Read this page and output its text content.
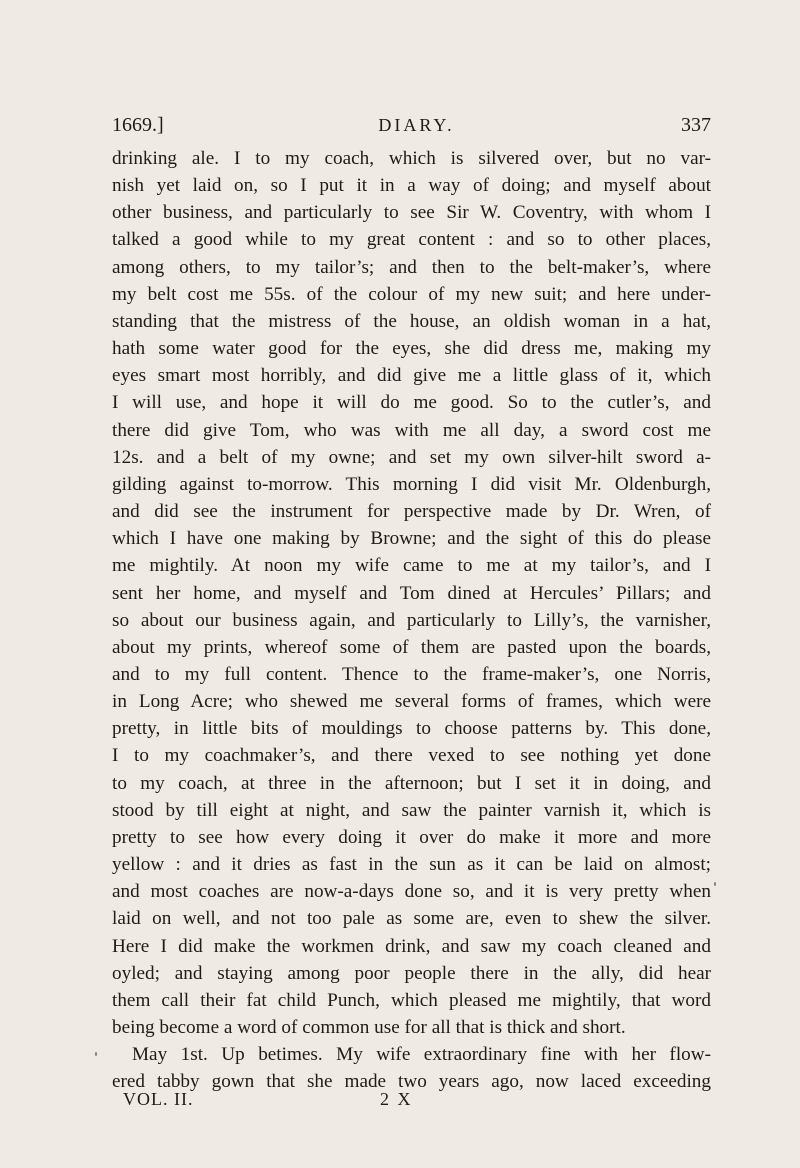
1669.]	DIARY.	337

drinking ale. I to my coach, which is silvered over, but no var-

nish yet laid on, so I put it in a way of doing; and myself about

other business, and particularly to see Sir W. Coventry, with whom I

talked a good while to my great content : and so to other places,

among others, to my tailor’s; and then to the belt-maker’s, where

my belt cost me 55s. of the colour of my new suit; and here under-

standing that the mistress of the house, an oldish woman in a hat,

hath some water good for the eyes, she did dress me, making my

eyes smart most horribly, and did give me a little glass of it, which

I will use, and hope it will do me good. So to the cutler’s, and

there did give Tom, who was with me all day, a sword cost me

12s. and a belt of my owne; and set my own silver-hilt sword a-

gilding against to-morrow. This morning I did visit Mr. Oldenburgh,

and did see the instrument for perspective made by Dr. Wren, of

which I have one making by Browne; and the sight of this do please

me mightily. At noon my wife came to me at my tailor’s, and I

sent her home, and myself and Tom dined at Hercules’ Pillars; and

so about our business again, and particularly to Lilly’s, the varnisher,

about my prints, whereof some of them are pasted upon the boards,

and to my full content. Thence to the frame-maker’s, one Norris,

in Long Acre; who shewed me several forms of frames, which were

pretty, in little bits of mouldings to choose patterns by. This done,

I to my coachmaker’s, and there vexed to see nothing yet done

to my coach, at three in the afternoon; but I set it in doing, and

stood by till eight at night, and saw the painter varnish it, which is

pretty to see how every doing it over do make it more and more

yellow : and it dries as fast in the sun as it can be laid on almost;

and most coaches are now-a-days done so, and it is very pretty when

laid on well, and not too pale as some are, even to shew the silver.

Here I did make the workmen drink, and saw my coach cleaned and

oyled; and staying among poor people there in the ally, did hear

them call their fat child Punch, which pleased me mightily, that word

being become a word of common use for all that is thick and short.

May 1st. Up betimes. My wife extraordinary fine with her flow-

ered tabby gown that she made two years ago, now laced exceeding

VOL. II.	2 X
